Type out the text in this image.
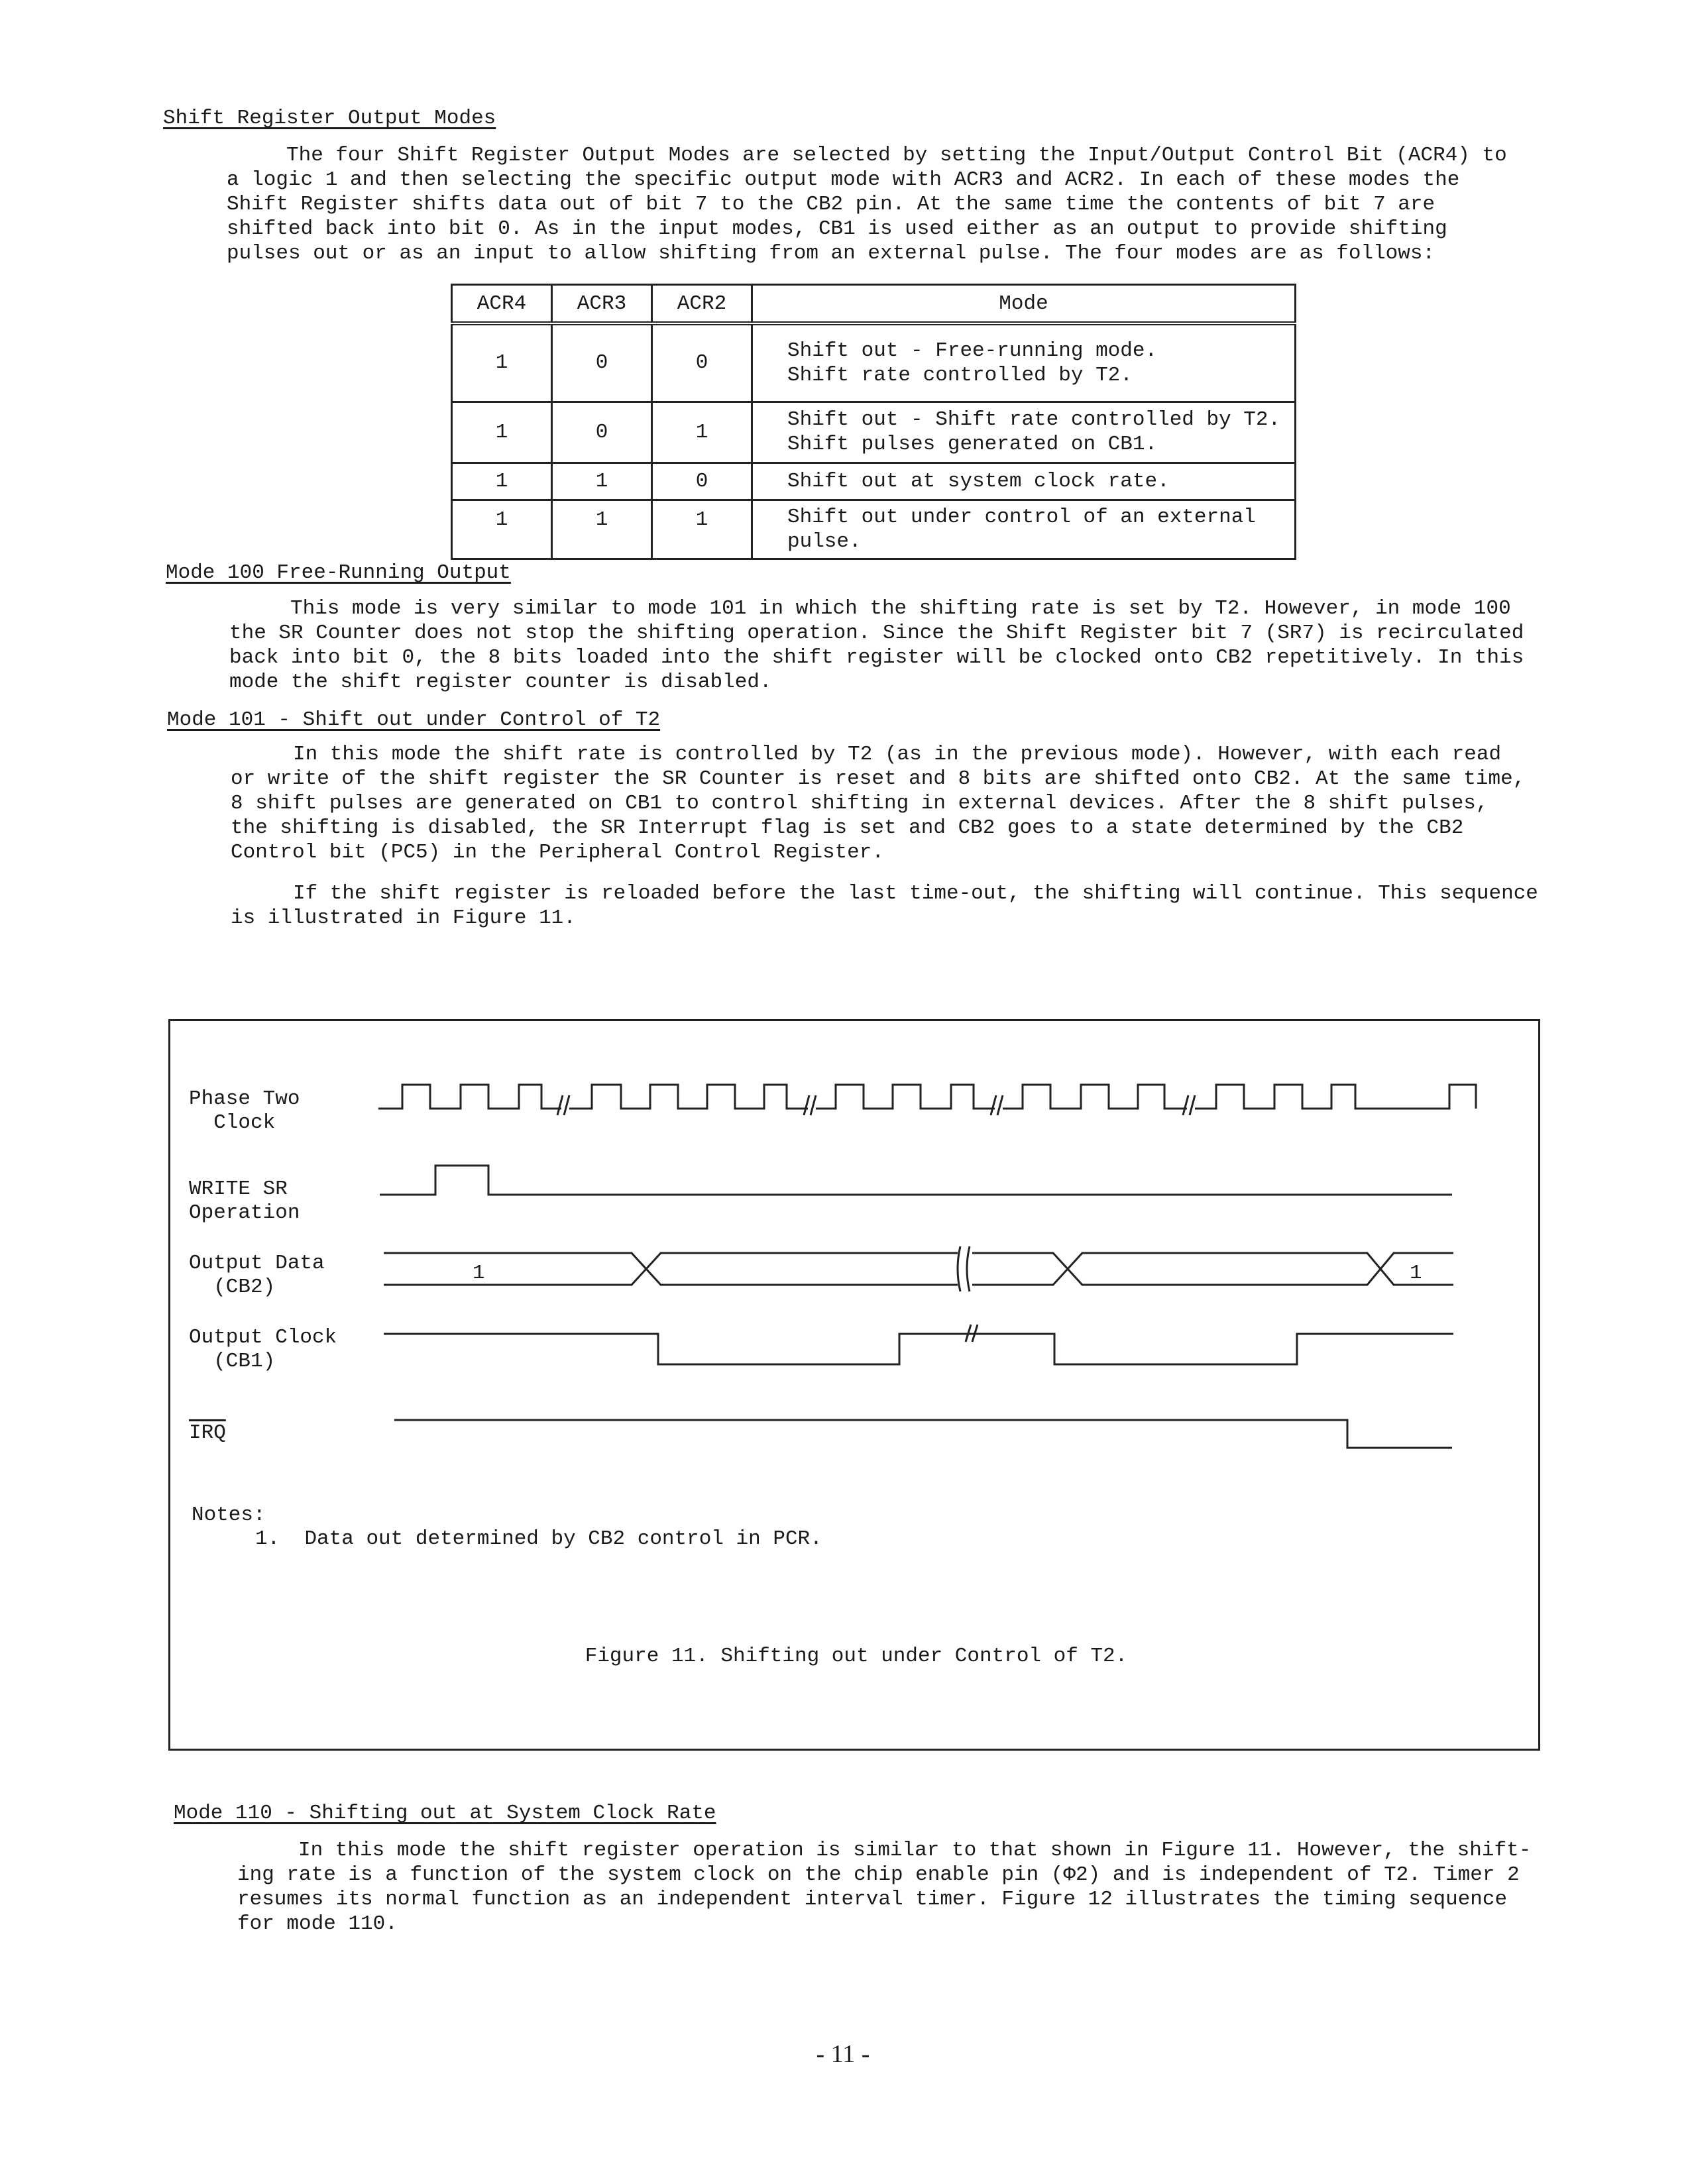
Shift Register Output Modes
The four Shift Register Output Modes are selected by setting the Input/Output Control Bit (ACR4) to
a logic 1 and then selecting the specific output mode with ACR3 and ACR2. In each of these modes the
Shift Register shifts data out of bit 7 to the CB2 pin. At the same time the contents of bit 7 are
shifted back into bit 0. As in the input modes, CB1 is used either as an output to provide shifting
pulses out or as an input to allow shifting from an external pulse. The four modes are as follows:
ACR4	ACR3	ACR2	Mode
1	0	0	Shift out - Free-running mode.
Shift rate controlled by T2.

1	0	1	Shift out - Shift rate controlled by T2.
Shift pulses generated on CB1.

1	1	0	Shift out at system clock rate.

1	1	1	Shift out under control of an external
pulse.
Mode 100 Free-Running Output
This mode is very similar to mode 101 in which the shifting rate is set by T2. However, in mode 100
the SR Counter does not stop the shifting operation. Since the Shift Register bit 7 (SR7) is recirculated
back into bit 0, the 8 bits loaded into the shift register will be clocked onto CB2 repetitively. In this
mode the shift register counter is disabled.
Mode 101 - Shift out under Control of T2
In this mode the shift rate is controlled by T2 (as in the previous mode). However, with each read
or write of the shift register the SR Counter is reset and 8 bits are shifted onto CB2. At the same time,
8 shift pulses are generated on CB1 to control shifting in external devices. After the 8 shift pulses,
the shifting is disabled, the SR Interrupt flag is set and CB2 goes to a state determined by the CB2
Control bit (PC5) in the Peripheral Control Register.
If the shift register is reloaded before the last time-out, the shifting will continue. This sequence
is illustrated in Figure 11.
Phase Two
Clock
WRITE SR
Operation
Output Data
(CB2)
Output Clock
(CB1)
$\overline{IRQ}$
1	1
Notes:
1. Data out determined by CB2 control in PCR.
Figure 11. Shifting out under Control of T2.
Mode 110 - Shifting out at System Clock Rate
In this mode the shift register operation is similar to that shown in Figure 11. However, the shift-
ing rate is a function of the system clock on the chip enable pin (Φ2) and is independent of T2. Timer 2
resumes its normal function as an independent interval timer. Figure 12 illustrates the timing sequence
for mode 110.
- 11 -
